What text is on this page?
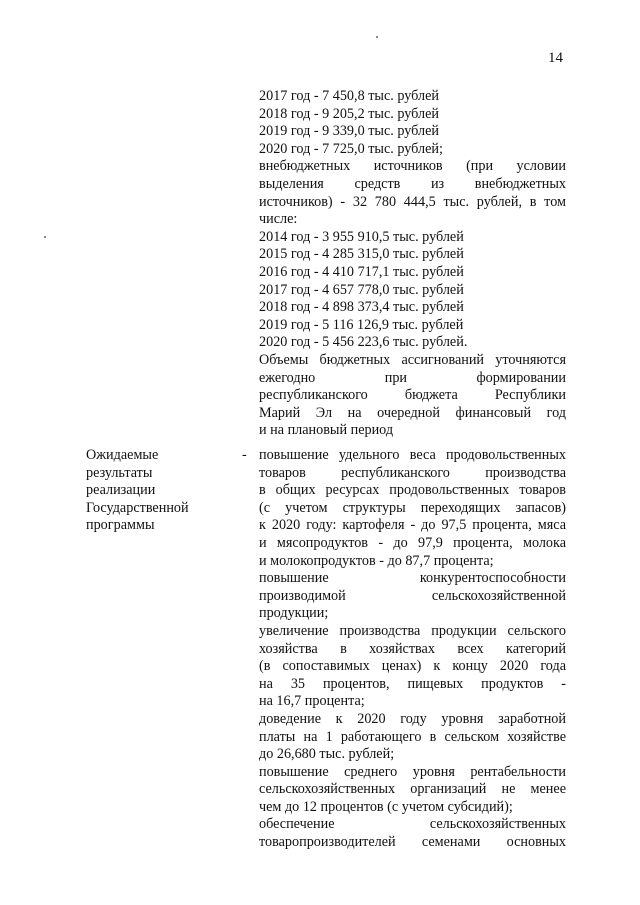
14
2017 год - 7 450,8 тыс. рублей
2018 год - 9 205,2 тыс. рублей
2019 год - 9 339,0 тыс. рублей
2020 год - 7 725,0 тыс. рублей;
внебюджетных источников (при условии
выделения средств из внебюджетных
источников) - 32 780 444,5 тыс. рублей, в том
числе:
2014 год - 3 955 910,5 тыс. рублей
2015 год - 4 285 315,0 тыс. рублей
2016 год - 4 410 717,1 тыс. рублей
2017 год - 4 657 778,0 тыс. рублей
2018 год - 4 898 373,4 тыс. рублей
2019 год - 5 116 126,9 тыс. рублей
2020 год - 5 456 223,6 тыс. рублей.
Объемы бюджетных ассигнований уточняются
ежегодно при формировании
республиканского бюджета Республики
Марий Эл на очередной финансовый год
и на плановый период
Ожидаемые
результаты
реализации
Государственной
программы
- повышение удельного веса продовольственных
товаров республиканского производства
в общих ресурсах продовольственных товаров
(с учетом структуры переходящих запасов)
к 2020 году: картофеля - до 97,5 процента, мяса
и мясопродуктов - до 97,9 процента, молока
и молокопродуктов - до 87,7 процента;
повышение конкурентоспособности
производимой сельскохозяйственной
продукции;
увеличение производства продукции сельского
хозяйства в хозяйствах всех категорий
(в сопоставимых ценах) к концу 2020 года
на 35 процентов, пищевых продуктов -
на 16,7 процента;
доведение к 2020 году уровня заработной
платы на 1 работающего в сельском хозяйстве
до 26,680 тыс. рублей;
повышение среднего уровня рентабельности
сельскохозяйственных организаций не менее
чем до 12 процентов (с учетом субсидий);
обеспечение сельскохозяйственных
товаропроизводителей семенами основных
